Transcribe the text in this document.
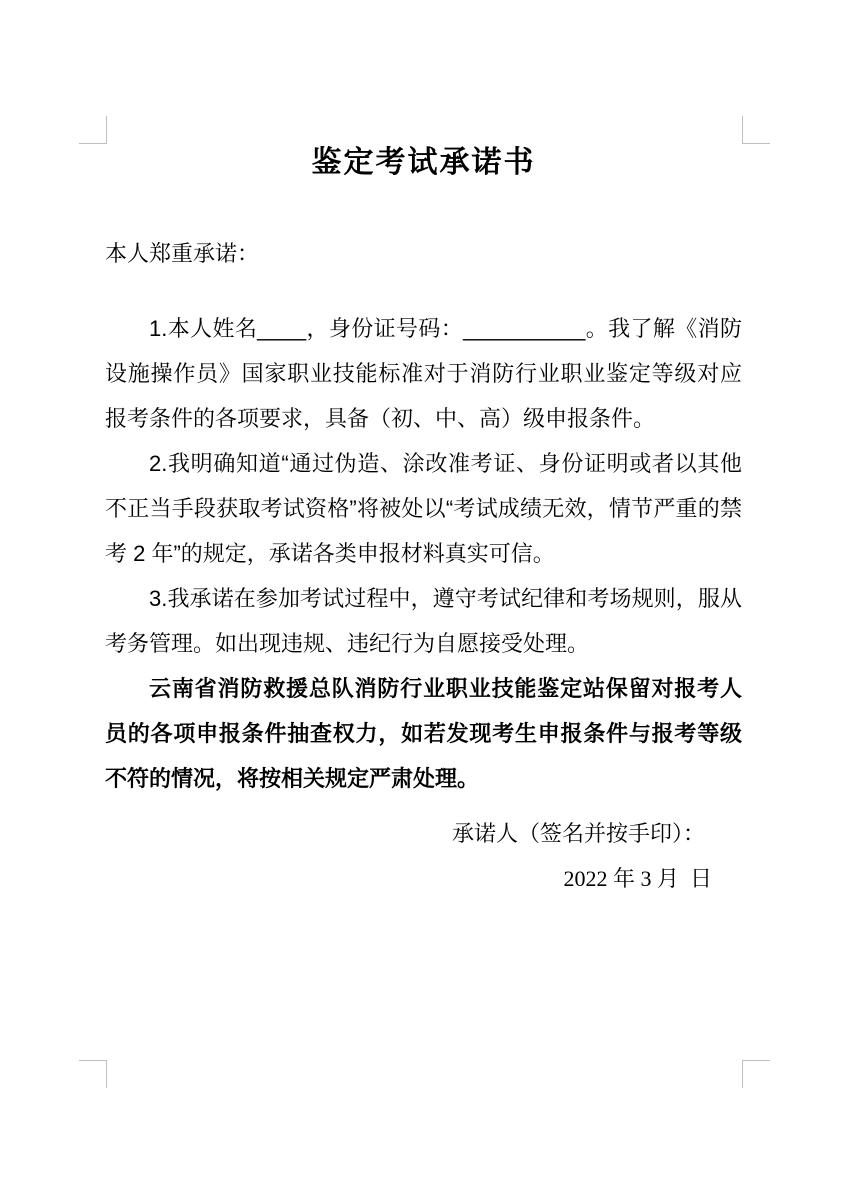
鉴定考试承诺书

本人郑重承诺：

1.本人姓名____，身份证号码：__________。我了解《消防设施操作员》国家职业技能标准对于消防行业职业鉴定等级对应报考条件的各项要求，具备（初、中、高）级申报条件。

2.我明确知道“通过伪造、涂改准考证、身份证明或者以其他不正当手段获取考试资格”将被处以“考试成绩无效，情节严重的禁考 2 年”的规定，承诺各类申报材料真实可信。

3.我承诺在参加考试过程中，遵守考试纪律和考场规则，服从考务管理。如出现违规、违纪行为自愿接受处理。

云南省消防救援总队消防行业职业技能鉴定站保留对报考人员的各项申报条件抽查权力，如若发现考生申报条件与报考等级不符的情况，将按相关规定严肃处理。

承诺人（签名并按手印）：

2022 年 3 月  日
